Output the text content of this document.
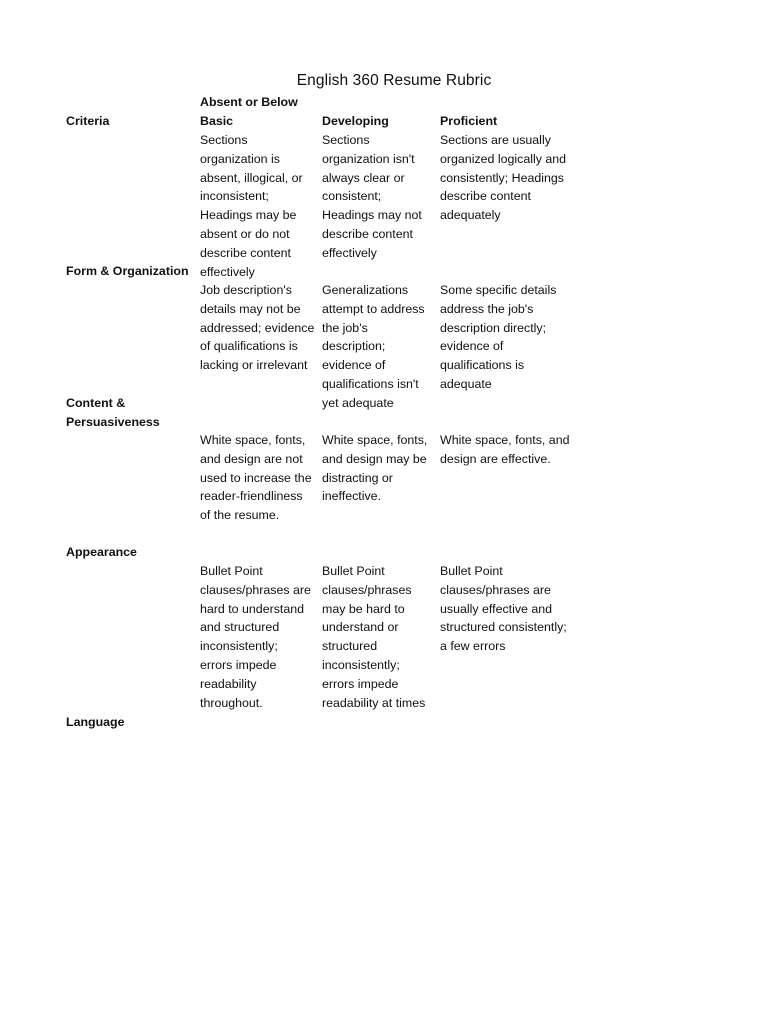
English 360 Resume Rubric
Criteria
Absent or Below
Basic	Developing	Proficient
Form & Organization
Sections
organization is
absent, illogical, or
inconsistent;
Headings may be
absent or do not
describe content
effectively
Sections
organization isn't
always clear or
consistent;
Headings may not
describe content
effectively
Sections are usually
organized logically and
consistently; Headings
describe content
adequately
Content &
Persuasiveness
Job description's
details may not be
addressed; evidence
of qualifications is
lacking or irrelevant
Generalizations
attempt to address
the job's
description;
evidence of
qualifications isn't
yet adequate
Some specific details
address the job's
description directly;
evidence of
qualifications is
adequate
Appearance
White space, fonts,
and design are not
used to increase the
reader-friendliness
of the resume.
White space, fonts,
and design may be
distracting or
ineffective.
White space, fonts, and
design are effective.
Language
Bullet Point
clauses/phrases are
hard to understand
and structured
inconsistently;
errors impede
readability
throughout.
Bullet Point
clauses/phrases
may be hard to
understand or
structured
inconsistently;
errors impede
readability at times
Bullet Point
clauses/phrases are
usually effective and
structured consistently;
a few errors
